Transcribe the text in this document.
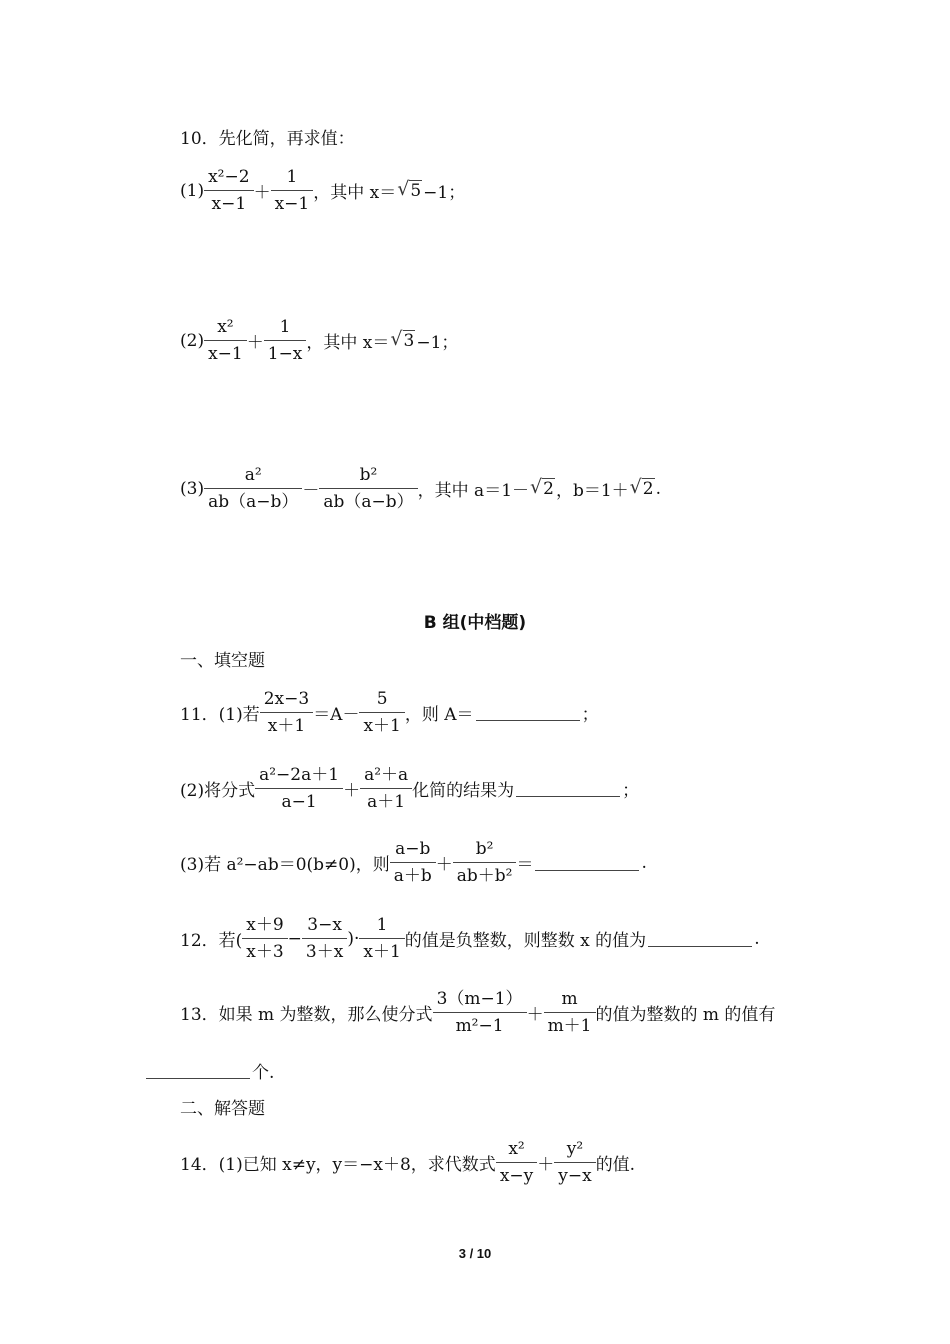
10．先化简，再求值：
$(1) \frac{\text{x²−2}}{x-1} + \frac{1}{x-1}$ ，其中 x＝ √ 5 −1；
$(2) \frac{\text{x²}}{x-1} + \frac{1}{1-x}$ ，其中 x＝ √ 3 −1；
$(3) \frac{\text{a²}}{ab(a-b)} - \frac{\text{b²}}{ab(a-b)}$ ，其中 a＝1－ √ 2 ，b＝1＋ √ 2 .
B 组(中档题)
一、填空题
11．(1)若 $\frac{2x-3}{x+1} =A- \frac{5}{x+1}$ ，则 A＝	；
(2)将分式 $\frac{\text{a²−2a＋1}}{a-1} + \frac{\text{a²＋a}}{a+1}$ 化简的结果为	；
(3)若 a²−ab＝0(b≠0)，则 $\frac{a-b}{a+b} + \frac{\text{b²}}{\text{ab＋b²}}$ ＝	.
12．若( $\frac{x+9}{x+3} - \frac{3-x}{3+x}$ )· $\frac{1}{x+1}$ 的值是负整数，则整数 x 的值为	.
13．如果 m 为整数，那么使分式 $\frac{3(m-1)}{\text{m²−1}} + \frac{m}{m+1}$ 的值为整数的 m 的值有
个.
二、解答题
14．(1)已知 x≠y，y＝−x＋8，求代数式 $\frac{\text{x²}}{x-y} + \frac{\text{y²}}{y-x}$ 的值.
3 / 10
